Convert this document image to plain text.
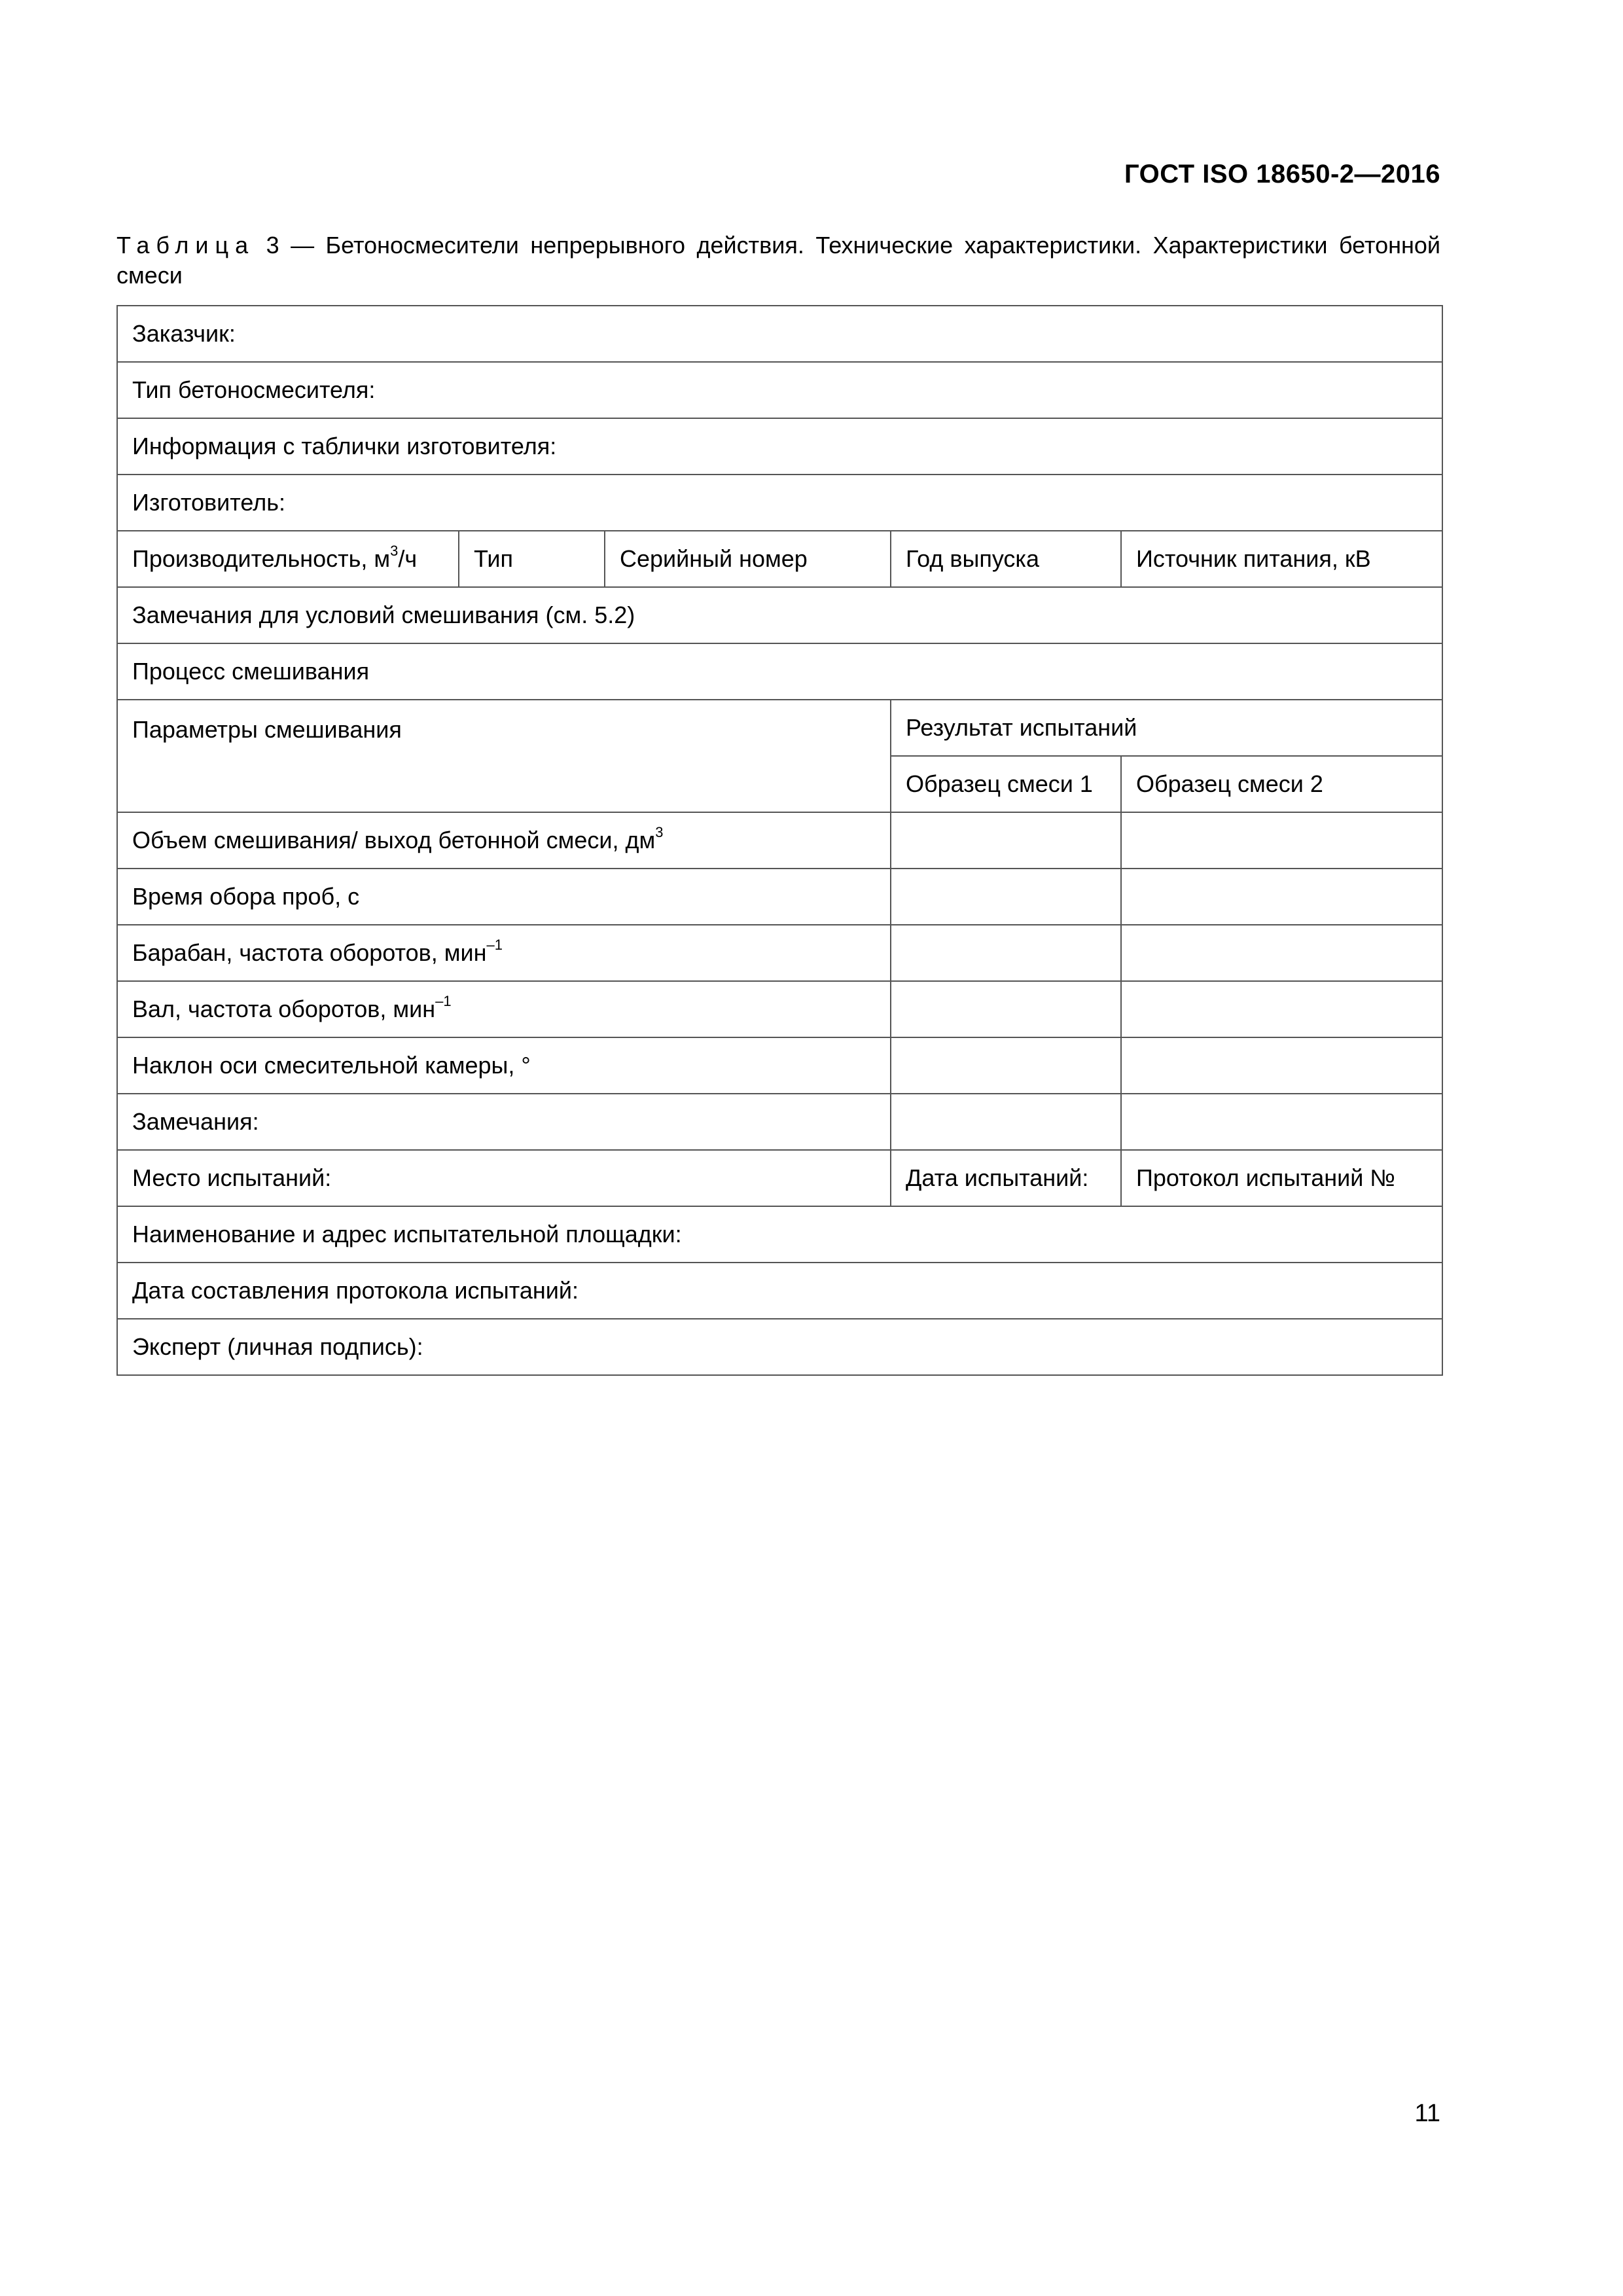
ГОСТ ISO 18650-2—2016
Таблица 3 — Бетоносмесители непрерывного действия. Технические характеристики. Характеристики бетонной смеси
Заказчик:				
Тип бетоносмесителя:				
Информация с таблички изготовителя:				
Изготовитель:				
Производительность, $м^3/ч$	Тип	Серийный номер	Год выпуска	Источник питания, кВ
Замечания для условий смешивания (см. 5.2)				
Процесс смешивания				
Параметры смешивания			Результат испытаний	
			Образец смеси 1	Образец смеси 2
Объем смешивания/ выход бетонной смеси, $дм^3$		
Время обора проб, с				
Барабан, частота оборотов, мин$^{-1}$		
Вал, частота оборотов, мин$^{-1}$		
Наклон оси смесительной камеры, °				
Замечания:				
Место испытаний:			Дата испытаний:	Протокол испытаний №
Наименование и адрес испытательной площадки:				
Дата составления протокола испытаний:				
Эксперт (личная подпись):				
11
